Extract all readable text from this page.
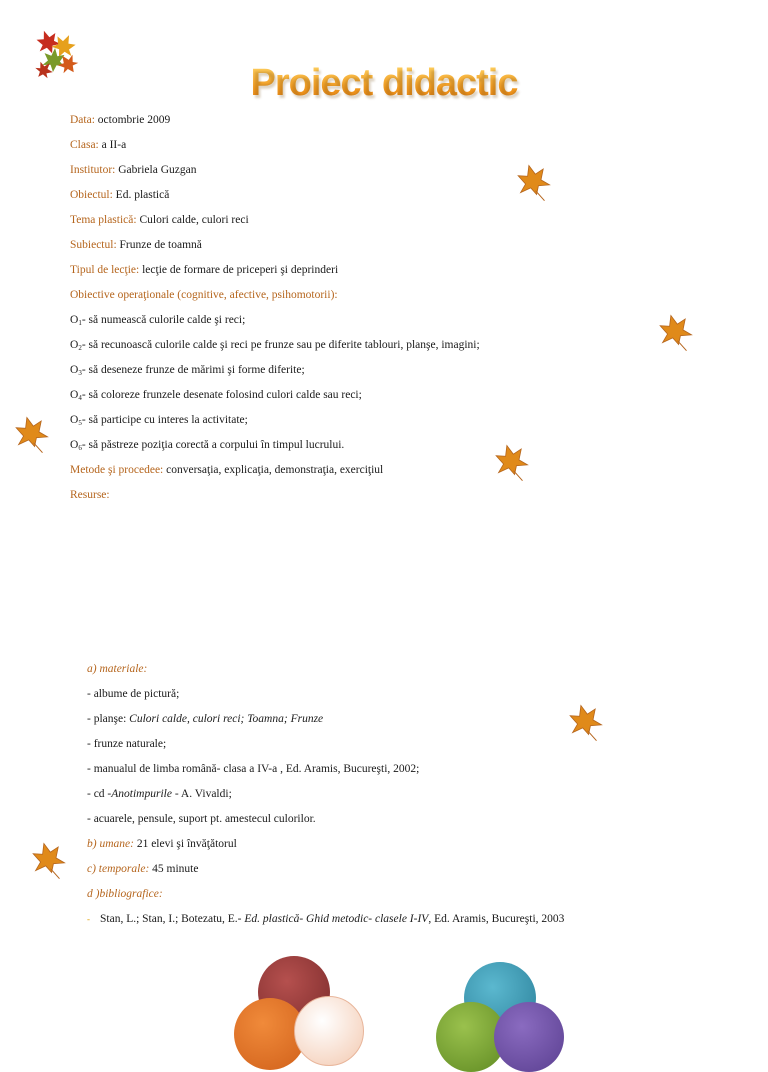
Proiect didactic
Data: octombrie 2009
Clasa: a II-a
Institutor: Gabriela Guzgan
Obiectul: Ed. plastică
Tema plastică: Culori calde, culori reci
Subiectul: Frunze de toamnă
Tipul de lecţie: lecţie de formare de priceperi şi deprinderi
Obiective operaţionale (cognitive, afective, psihomotorii):
$O_1-$ să numească culorile calde şi reci;
$O_2-$ să recunoască culorile calde şi reci pe frunze sau pe diferite tablouri, planşe, imagini;
$O_3-$ să deseneze frunze de mărimi şi forme diferite;
$O_4-$ să coloreze frunzele desenate folosind culori calde sau reci;
$O_5-$ să participe cu interes la activitate;
$O_6-$ să păstreze poziţia corectă a corpului în timpul lucrului.
Metode şi procedee: conversaţia, explicaţia, demonstraţia, exerciţiul
Resurse:
a) materiale:
- albume de pictură;
- planşe: Culori calde, culori reci; Toamna; Frunze
- frunze naturale;
- manualul de limba română- clasa a IV-a , Ed. Aramis, Bucureşti, 2002;
- cd -Anotimpurile - A. Vivaldi;
- acuarele, pensule, suport pt. amestecul culorilor.
b) umane: 21 elevi şi învăţătorul
c) temporale: 45 minute
d )bibliografice:
- Stan, L.; Stan, I.; Botezatu, E.- Ed. plastică- Ghid metodic- clasele I-IV, Ed. Aramis, Bucureşti, 2003
